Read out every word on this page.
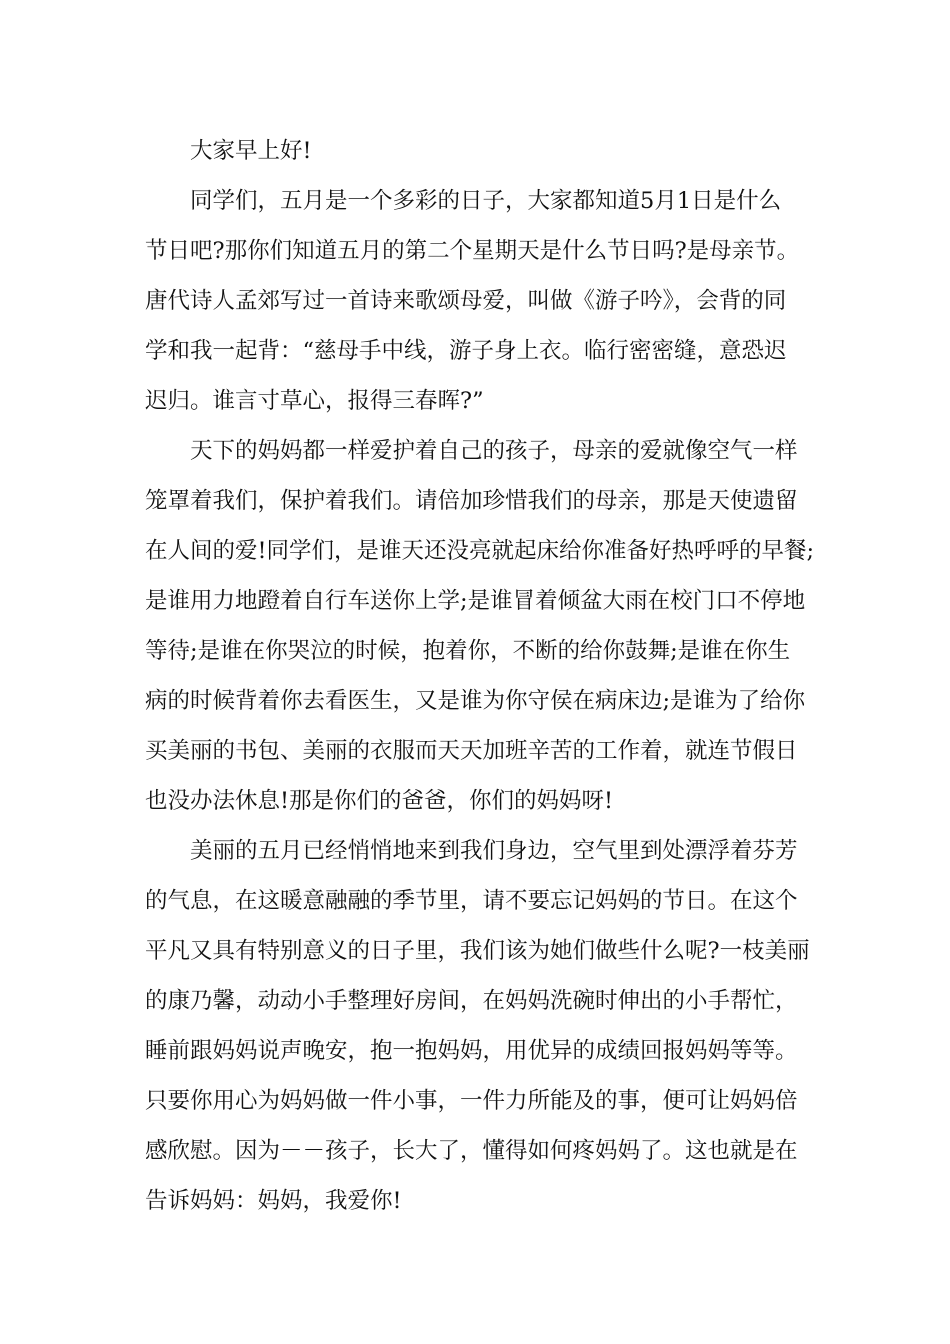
大家早上好!
同学们，五月是一个多彩的日子，大家都知道5月1日是什么
节日吧?那你们知道五月的第二个星期天是什么节日吗?是母亲节。
唐代诗人孟郊写过一首诗来歌颂母爱，叫做《游子吟》，会背的同
学和我一起背：“慈母手中线，游子身上衣。临行密密缝，意恐迟
迟归。谁言寸草心，报得三春晖?”
天下的妈妈都一样爱护着自己的孩子，母亲的爱就像空气一样
笼罩着我们，保护着我们。请倍加珍惜我们的母亲，那是天使遗留
在人间的爱!同学们，是谁天还没亮就起床给你准备好热呼呼的早餐;
是谁用力地蹬着自行车送你上学;是谁冒着倾盆大雨在校门口不停地
等待;是谁在你哭泣的时候，抱着你，不断的给你鼓舞;是谁在你生
病的时候背着你去看医生，又是谁为你守侯在病床边;是谁为了给你
买美丽的书包、美丽的衣服而天天加班辛苦的工作着，就连节假日
也没办法休息!那是你们的爸爸，你们的妈妈呀!
美丽的五月已经悄悄地来到我们身边，空气里到处漂浮着芬芳
的气息，在这暖意融融的季节里，请不要忘记妈妈的节日。在这个
平凡又具有特别意义的日子里，我们该为她们做些什么呢?一枝美丽
的康乃馨，动动小手整理好房间，在妈妈洗碗时伸出的小手帮忙，
睡前跟妈妈说声晚安，抱一抱妈妈，用优异的成绩回报妈妈等等。
只要你用心为妈妈做一件小事，一件力所能及的事，便可让妈妈倍
感欣慰。因为－－孩子，长大了，懂得如何疼妈妈了。这也就是在
告诉妈妈：妈妈，我爱你!
